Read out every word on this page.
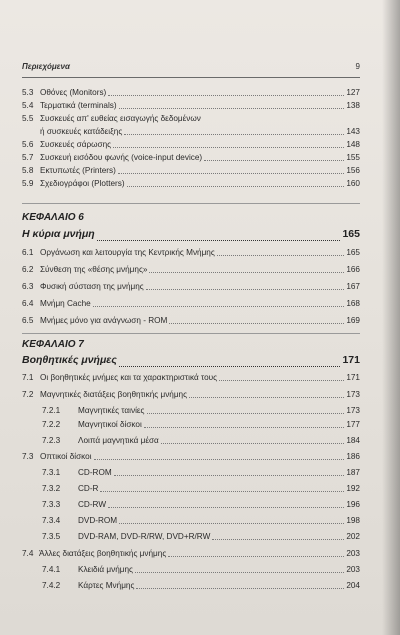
Περιεχόμενα	9
5.3 Οθόνες (Monitors)	127
5.4 Τερματικά (terminals)	138
5.5 Συσκευές απ' ευθείας εισαγωγής δεδομένων
ή συσκευές κατάδειξης	143
5.6 Συσκευές σάρωσης	148
5.7 Συσκευή εισόδου φωνής (voice-input device)	155
5.8 Εκτυπωτές (Printers)	156
5.9 Σχεδιογράφοι (Plotters)	160
ΚΕΦΑΛΑΙΟ 6
Η κύρια μνήμη	165
6.1 Οργάνωση και λειτουργία της Κεντρικής Μνήμης	165
6.2 Σύνθεση της «θέσης μνήμης»	166
6.3 Φυσική σύσταση της μνήμης	167
6.4 Μνήμη Cache	168
6.5 Μνήμες μόνο για ανάγνωση - ROM	169
ΚΕΦΑΛΑΙΟ 7
Βοηθητικές μνήμες	171
7.1 Οι βοηθητικές μνήμες και τα χαρακτηριστικά τους	171
7.2 Μαγνητικές διατάξεις βοηθητικής μνήμης	173
7.2.1 Μαγνητικές ταινίες	173
7.2.2 Μαγνητικοί δίσκοι	177
7.2.3 Λοιπά μαγνητικά μέσα	184
7.3 Οπτικοί δίσκοι	186
7.3.1 CD-ROM	187
7.3.2 CD-R	192
7.3.3 CD-RW	196
7.3.4 DVD-ROM	198
7.3.5 DVD-RAM, DVD-R/RW, DVD+R/RW	202
7.4 Άλλες διατάξεις βοηθητικής μνήμης	203
7.4.1 Κλειδιά μνήμης	203
7.4.2 Κάρτες Μνήμης	204
